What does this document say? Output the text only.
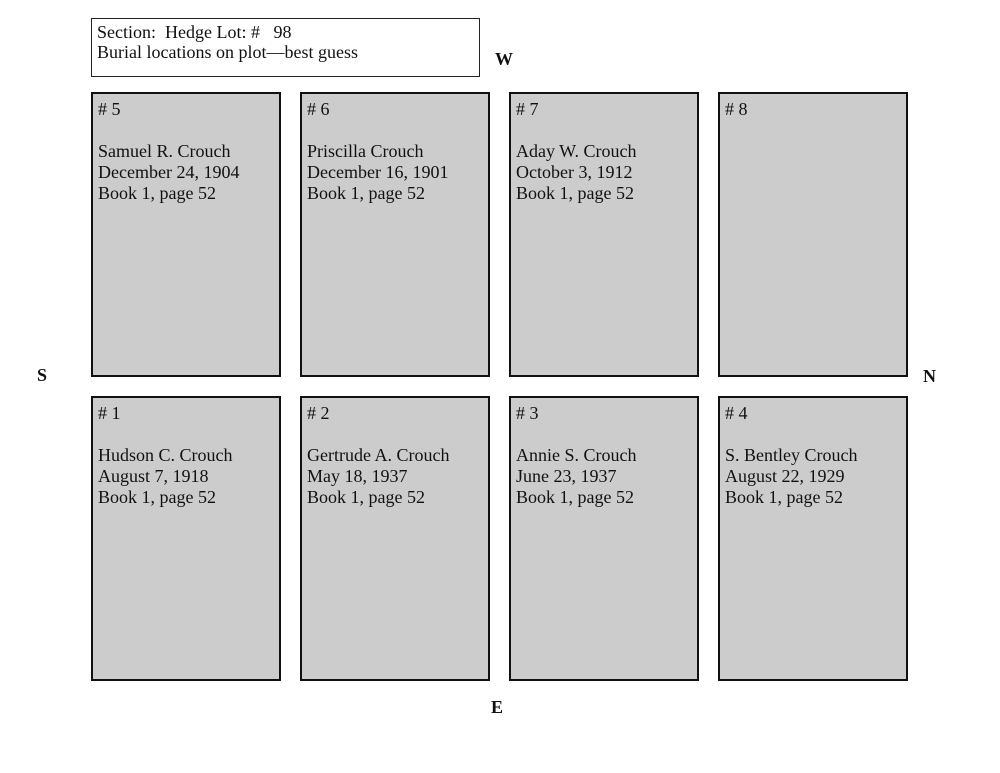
Section:  Hedge Lot: #   98
Burial locations on plot—best guess	W
E
S	N
# 5
Samuel R. Crouch
December 24, 1904
Book 1, page 52
# 6
Priscilla Crouch
December 16, 1901
Book 1, page 52
# 7
Aday W. Crouch
October 3, 1912
Book 1, page 52
# 8
# 1
Hudson C. Crouch
August 7, 1918
Book 1, page 52
# 2
Gertrude A. Crouch
May 18, 1937
Book 1, page 52
# 3
Annie S. Crouch
June 23, 1937
Book 1, page 52
# 4
S. Bentley Crouch
August 22, 1929
Book 1, page 52
